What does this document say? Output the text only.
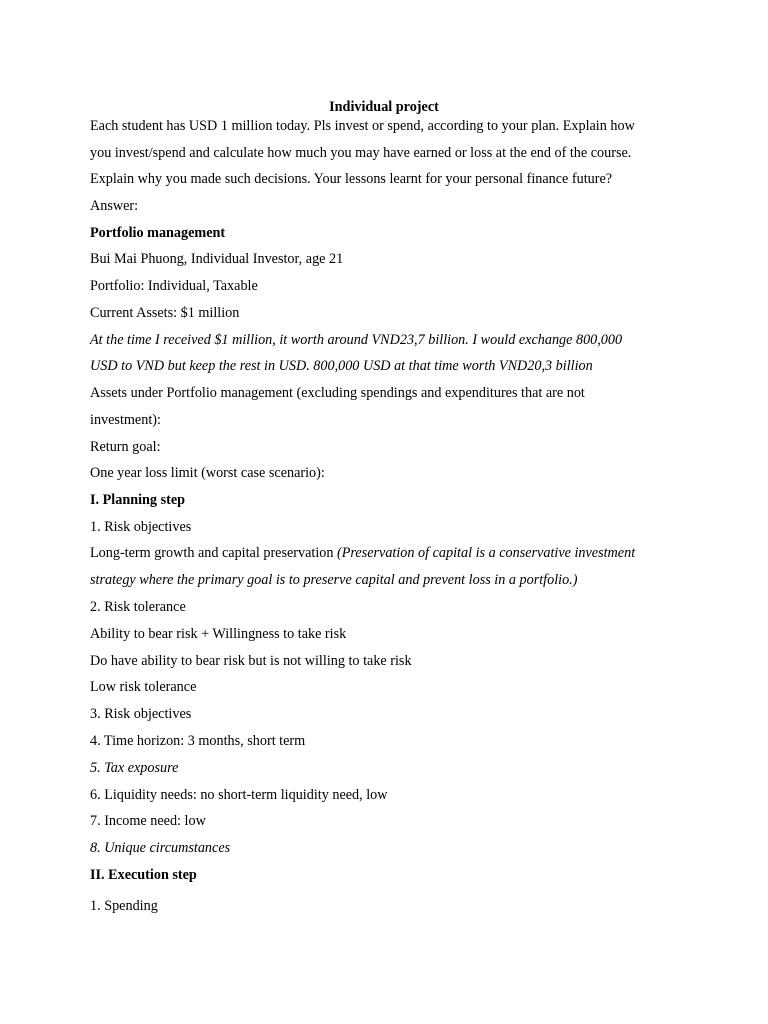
Individual project
Each student has USD 1 million today. Pls invest or spend, according to your plan. Explain how
you invest/spend and calculate how much you may have earned or loss at the end of the course.
Explain why you made such decisions. Your lessons learnt for your personal finance future?
Answer:
Portfolio management
Bui Mai Phuong, Individual Investor, age 21
Portfolio: Individual, Taxable
Current Assets: $1 million
At the time I received $1 million, it worth around VND23,7 billion. I would exchange 800,000
USD to VND but keep the rest in USD. 800,000 USD at that time worth VND20,3 billion
Assets under Portfolio management (excluding spendings and expenditures that are not
investment):
Return goal:
One year loss limit (worst case scenario):
I. Planning step
1. Risk objectives
Long-term growth and capital preservation (Preservation of capital is a conservative investment
strategy where the primary goal is to preserve capital and prevent loss in a portfolio.)
2. Risk tolerance
Ability to bear risk + Willingness to take risk
Do have ability to bear risk but is not willing to take risk
Low risk tolerance
3. Risk objectives
4. Time horizon: 3 months, short term
5. Tax exposure
6. Liquidity needs: no short-term liquidity need, low
7. Income need: low
8. Unique circumstances
II. Execution step
1. Spending
